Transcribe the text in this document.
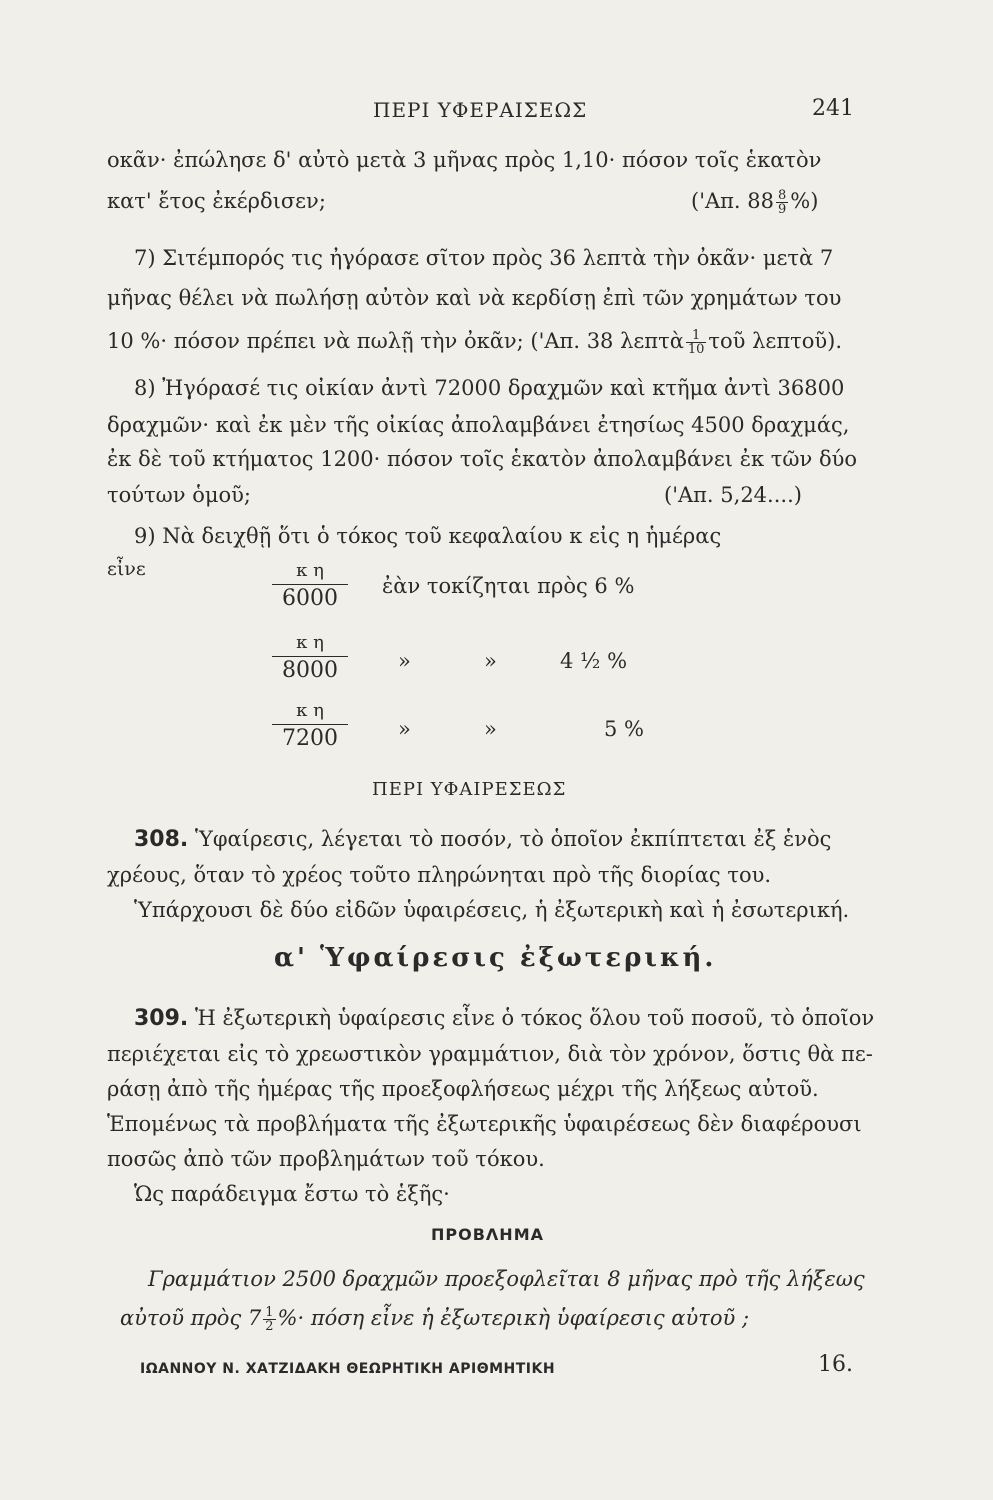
ΠΕΡΙ ΥΦΕΡΑΙΣΕΩΣ	241
οκᾶν· ἐπώλησε δ' αὐτὸ μετὰ 3 μῆνας πρὸς 1,10· πόσον τοῖς ἑκατὸν
κατ' ἔτος ἐκέρδισεν;	('Απ. $88 \frac{8}{9}$ %)
7) Σιτέμπορός τις ἠγόρασε σῖτον πρὸς 36 λεπτὰ τὴν ὀκᾶν· μετὰ 7
μῆνας θέλει νὰ πωλήσῃ αὐτὸν καὶ νὰ κερδίσῃ ἐπὶ τῶν χρημάτων του
10 %· πόσον πρέπει νὰ πωλῇ τὴν ὀκᾶν; ('Απ. 38 λεπτὰ $\frac{1}{10}$ τοῦ λεπτοῦ).
8) Ἠγόρασέ τις οἰκίαν ἀντὶ 72000 δραχμῶν καὶ κτῆμα ἀντὶ 36800
δραχμῶν· καὶ ἐκ μὲν τῆς οἰκίας ἀπολαμβάνει ἐτησίως 4500 δραχμάς,
ἐκ δὲ τοῦ κτήματος 1200· πόσον τοῖς ἑκατὸν ἀπολαμβάνει ἐκ τῶν δύο
τούτων ὁμοῦ;	('Απ. 5,24....)
9) Νὰ δειχθῇ ὅτι ὁ τόκος τοῦ κεφαλαίου κ εἰς η ἡμέρας
εἶνε	κ η
6000	ἐὰν τοκίζηται πρὸς 6 %
κ η
8000	»	»	4 ½ %
κ η
7200	»	»	5 %
ΠΕΡΙ ΥΦΑΙΡΕΣΕΩΣ
308. Ὑφαίρεσις, λέγεται τὸ ποσόν, τὸ ὁποῖον ἐκπίπτεται ἐξ ἑνὸς
χρέους, ὅταν τὸ χρέος τοῦτο πληρώνηται πρὸ τῆς διορίας του.
Ὑπάρχουσι δὲ δύο εἰδῶν ὑφαιρέσεις, ἡ ἐξωτερικὴ καὶ ἡ ἐσωτερική.
α' Ὑφαίρεσις ἐξωτερική.
309. Ἡ ἐξωτερικὴ ὑφαίρεσις εἶνε ὁ τόκος ὅλου τοῦ ποσοῦ, τὸ ὁποῖον
περιέχεται εἰς τὸ χρεωστικὸν γραμμάτιον, διὰ τὸν χρόνον, ὅστις θὰ πε-
ράσῃ ἀπὸ τῆς ἡμέρας τῆς προεξοφλήσεως μέχρι τῆς λήξεως αὐτοῦ.
Ἑπομένως τὰ προβλήματα τῆς ἐξωτερικῆς ὑφαιρέσεως δὲν διαφέρουσι
ποσῶς ἀπὸ τῶν προβλημάτων τοῦ τόκου.
Ὡς παράδειγμα ἔστω τὸ ἑξῆς·
ΠΡΟΒΛΗΜΑ
Γραμμάτιον 2500 δραχμῶν προεξοφλεῖται 8 μῆνας πρὸ τῆς λήξεως
αὐτοῦ πρὸς $7 \frac{1}{2}$ %· πόση εἶνε ἡ ἐξωτερικὴ ὑφαίρεσις αὐτοῦ ;
ΙΩΑΝΝΟΥ Ν. ΧΑΤΖΙΔΑΚΗ ΘΕΩΡΗΤΙΚΗ ΑΡΙΘΜΗΤΙΚΗ	16.
